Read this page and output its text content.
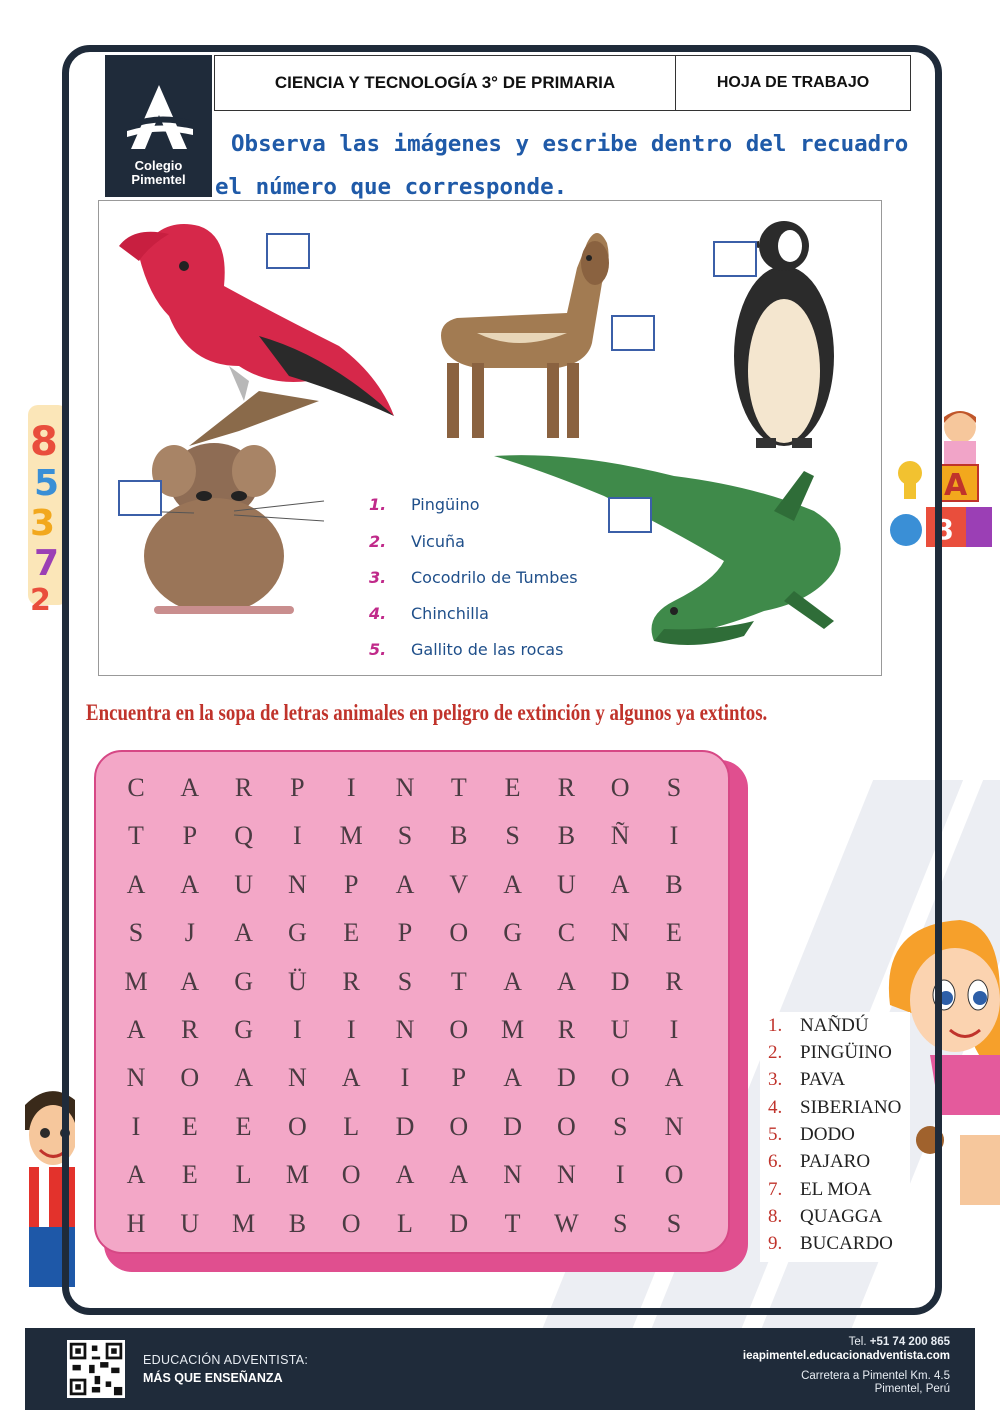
8
5
3
7
2
A
8
Colegio
Pimentel
CIENCIA Y TECNOLOGÍA 3° DE PRIMARIA	HOJA DE TRABAJO
Observa las imágenes y escribe dentro del recuadro
el número que corresponde.
1. Pingüino
2. Vicuña
3. Cocodrilo de Tumbes
4. Chinchilla
5. Gallito de las rocas
Encuentra en la sopa de letras animales en peligro de extinción y algunos ya extintos.
C	A	R	P	I	N	T	E	R	O	S
T	P	Q	I	M	S	B	S	B	Ñ	I
A	A	U	N	P	A	V	A	U	A	B
S	J	A	G	E	P	O	G	C	N	E
M	A	G	Ü	R	S	T	A	A	D	R
A	R	G	I	I	N	O	M	R	U	I
N	O	A	N	A	I	P	A	D	O	A
I	E	E	O	L	D	O	D	O	S	N
A	E	L	M	O	A	A	N	N	I	O
H	U	M	B	O	L	D	T	W	S	S
1. NAÑDÚ
2. PINGÜINO
3. PAVA
4. SIBERIANO
5. DODO
6. PAJARO
7. EL MOA
8. QUAGGA
9. BUCARDO
EDUCACIÓN ADVENTISTA:
MÁS QUE ENSEÑANZA
Tel. +51 74 200 865
ieapimentel.educacionadventista.com
Carretera a Pimentel Km. 4.5
Pimentel, Perú
